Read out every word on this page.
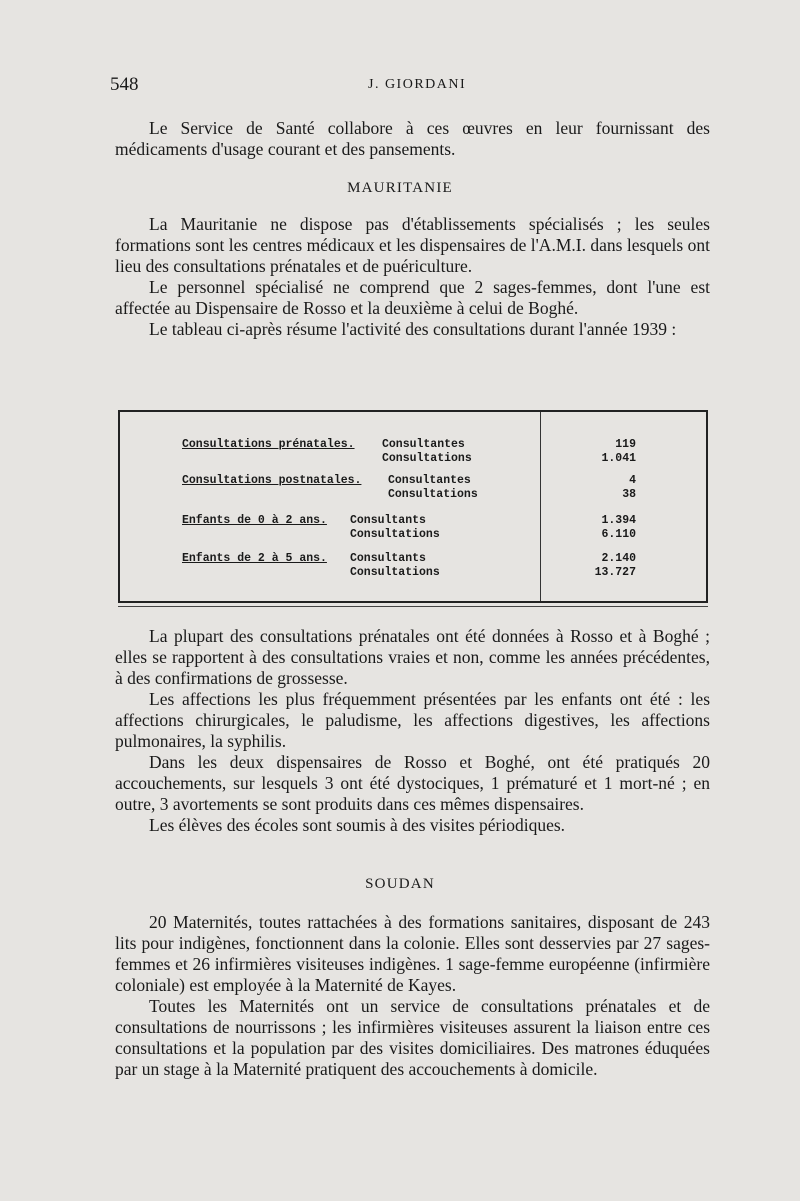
548	J. GIORDANI

Le Service de Santé collabore à ces œuvres en leur fournissant des médicaments d'usage courant et des pansements.

MAURITANIE

La Mauritanie ne dispose pas d'établissements spécialisés ; les seules formations sont les centres médicaux et les dispensaires de l'A.M.I. dans lesquels ont lieu des consultations prénatales et de puériculture.

Le personnel spécialisé ne comprend que 2 sages-femmes, dont l'une est affectée au Dispensaire de Rosso et la deuxième à celui de Boghé.

Le tableau ci-après résume l'activité des consultations durant l'année 1939 :

Consultations prénatales. Consultantes	119
Consultations	1.041
Consultations postnatales. Consultantes	4
Consultations	38
Enfants de 0 à 2 ans. Consultants	1.394
Consultations	6.110
Enfants de 2 à 5 ans. Consultants	2.140
Consultations	13.727

La plupart des consultations prénatales ont été données à Rosso et à Boghé ; elles se rapportent à des consultations vraies et non, comme les années précédentes, à des confirmations de grossesse.

Les affections les plus fréquemment présentées par les enfants ont été : les affections chirurgicales, le paludisme, les affections digestives, les affections pulmonaires, la syphilis.

Dans les deux dispensaires de Rosso et Boghé, ont été pratiqués 20 accouchements, sur lesquels 3 ont été dystociques, 1 prématuré et 1 mort-né ; en outre, 3 avortements se sont produits dans ces mêmes dispensaires.

Les élèves des écoles sont soumis à des visites périodiques.

SOUDAN

20 Maternités, toutes rattachées à des formations sanitaires, disposant de 243 lits pour indigènes, fonctionnent dans la colonie. Elles sont desservies par 27 sages-femmes et 26 infirmières visiteuses indigènes. 1 sage-femme européenne (infirmière coloniale) est employée à la Maternité de Kayes.

Toutes les Maternités ont un service de consultations prénatales et de consultations de nourrissons ; les infirmières visiteuses assurent la liaison entre ces consultations et la population par des visites domiciliaires. Des matrones éduquées par un stage à la Maternité pratiquent des accouchements à domicile.
